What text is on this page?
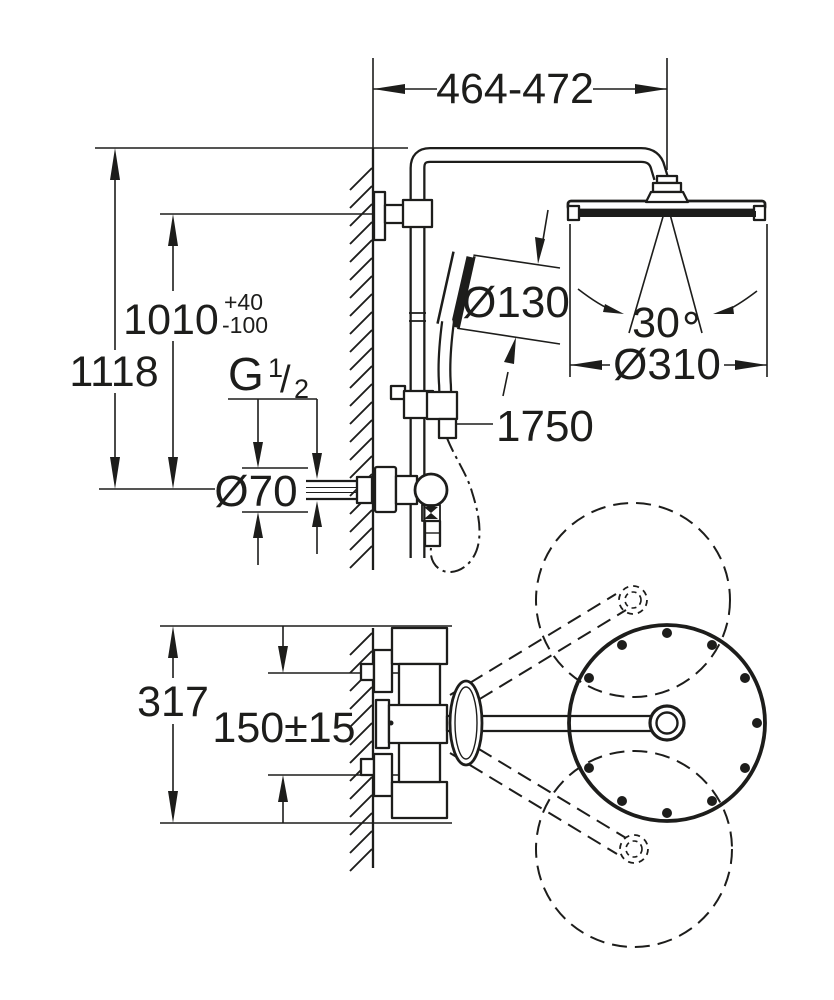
464-472
1118
1010 +40
-100
G 1
/ 2
Ø70
Ø130 30 °
Ø310
1750
317
150±15
